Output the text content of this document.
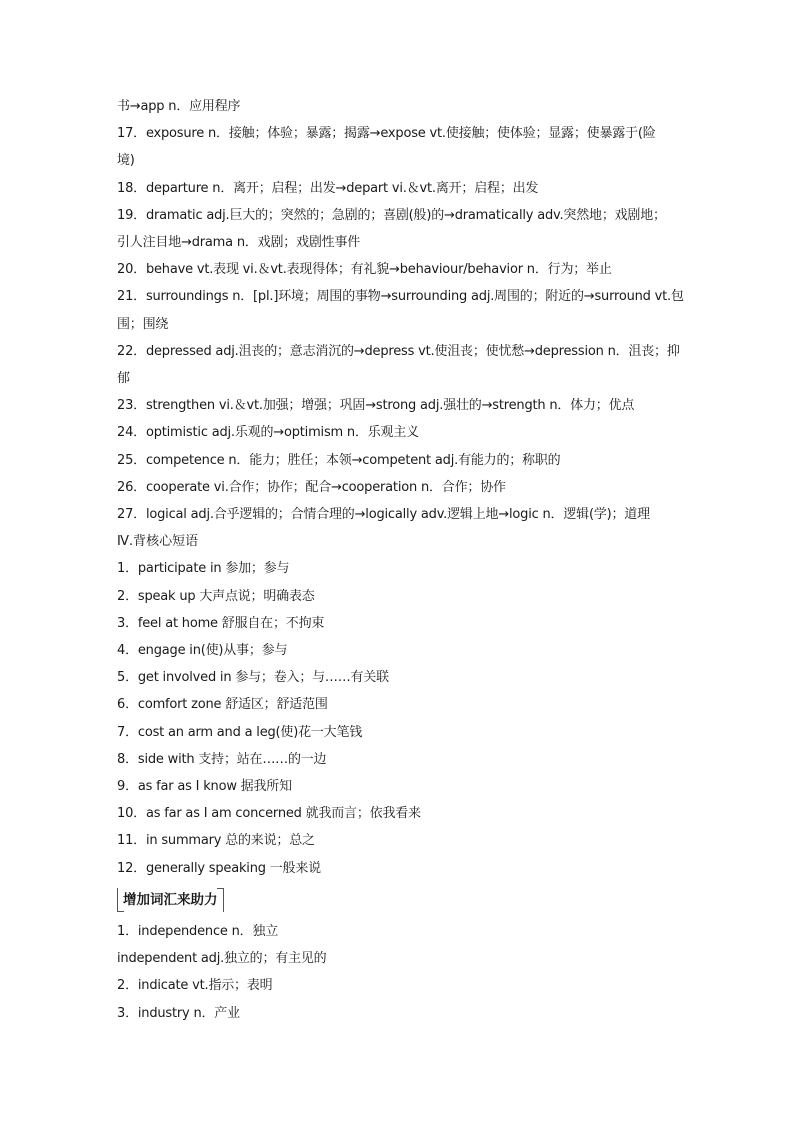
书→app n．应用程序
17．exposure n．接触；体验；暴露；揭露→expose vt.使接触；使体验；显露；使暴露于(险
境)
18．departure n．离开；启程；出发→depart vi.＆vt.离开；启程；出发
19．dramatic adj.巨大的；突然的；急剧的；喜剧(般)的→dramatically adv.突然地；戏剧地；
引人注目地→drama n．戏剧；戏剧性事件
20．behave vt.表现 vi.＆vt.表现得体；有礼貌→behaviour/behavior n．行为；举止
21．surroundings n．[pl.]环境；周围的事物→surrounding adj.周围的；附近的→surround vt.包
围；围绕
22．depressed adj.沮丧的；意志消沉的→depress vt.使沮丧；使忧愁→depression n．沮丧；抑
郁
23．strengthen vi.＆vt.加强；增强；巩固→strong adj.强壮的→strength n．体力；优点
24．optimistic adj.乐观的→optimism n．乐观主义
25．competence n．能力；胜任；本领→competent adj.有能力的；称职的
26．cooperate vi.合作；协作；配合→cooperation n．合作；协作
27．logical adj.合乎逻辑的；合情合理的→logically adv.逻辑上地→logic n．逻辑(学)；道理
Ⅳ.背核心短语
1．participate in 参加；参与
2．speak up 大声点说；明确表态
3．feel at home 舒服自在；不拘束
4．engage in(使)从事；参与
5．get involved in 参与；卷入；与……有关联
6．comfort zone 舒适区；舒适范围
7．cost an arm and a leg(使)花一大笔钱
8．side with 支持；站在……的一边
9．as far as I know 据我所知
10．as far as I am concerned 就我而言；依我看来
11．in summary 总的来说；总之
12．generally speaking 一般来说
增加词汇来助力
1．independence n．独立
independent adj.独立的；有主见的
2．indicate vt.指示；表明
3．industry n．产业
